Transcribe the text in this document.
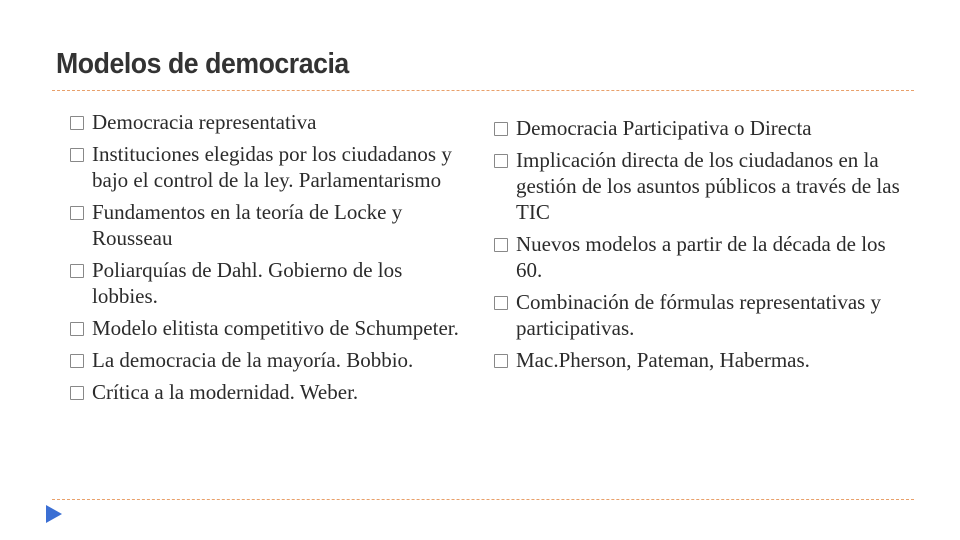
Modelos de democracia
Democracia representativa
Instituciones elegidas por los ciudadanos y bajo el control de la ley. Parlamentarismo
Fundamentos en la teoría de Locke y Rousseau
Poliarquías de Dahl. Gobierno de los lobbies.
Modelo elitista competitivo de Schumpeter.
La democracia de la mayoría. Bobbio.
Crítica a la modernidad. Weber.
Democracia Participativa o Directa
Implicación directa de los ciudadanos en la gestión de los asuntos públicos a través de las TIC
Nuevos modelos a partir de la década de los 60.
Combinación de fórmulas representativas y participativas.
Mac.Pherson, Pateman, Habermas.
